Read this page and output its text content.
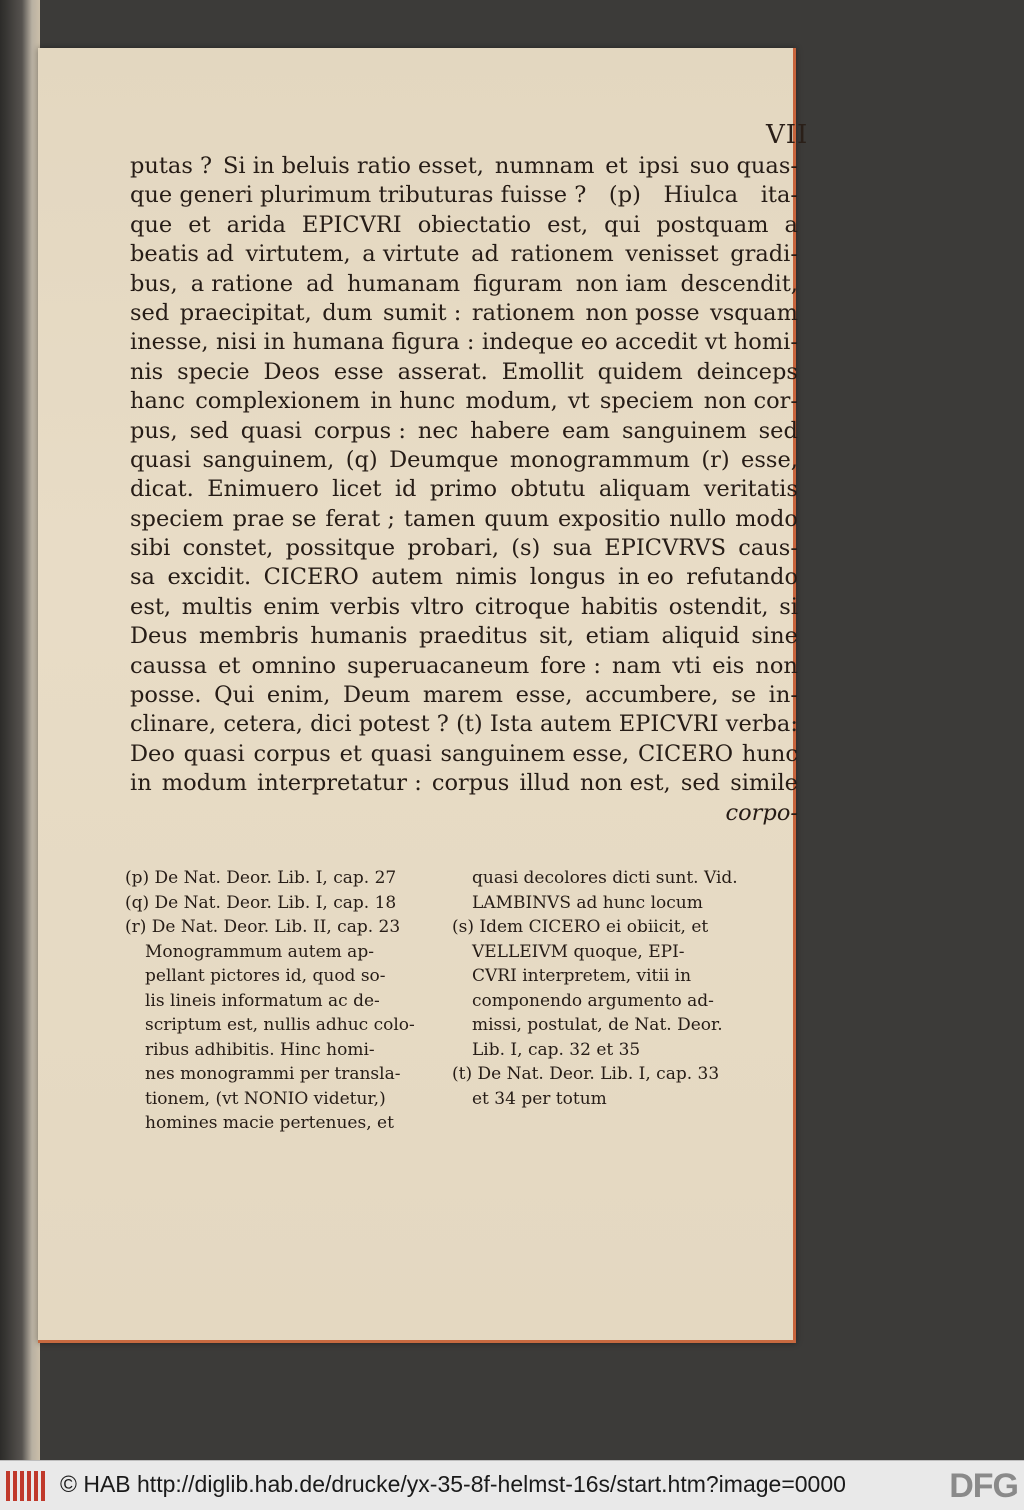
VII
putas ? Si in beluis ratio esset, numnam et ipsi suo quas-
que generi plurimum tributuras fuisse ? (p) Hiulca ita-
que et arida EPICVRI obiectatio est, qui postquam a
beatis ad virtutem, a virtute ad rationem venisset gradi-
bus, a ratione ad humanam figuram non iam descendit,
sed praecipitat, dum sumit : rationem non posse vsquam
inesse, nisi in humana figura : indeque eo accedit vt homi-
nis specie Deos esse asserat. Emollit quidem deinceps
hanc complexionem in hunc modum, vt speciem non cor-
pus, sed quasi corpus : nec habere eam sanguinem sed
quasi sanguinem, (q) Deumque monogrammum (r) esse,
dicat. Enimuero licet id primo obtutu aliquam veritatis
speciem prae se ferat ; tamen quum expositio nullo modo
sibi constet, possitque probari, (s) sua EPICVRVS caus-
sa excidit. CICERO autem nimis longus in eo refutando
est, multis enim verbis vltro citroque habitis ostendit, si
Deus membris humanis praeditus sit, etiam aliquid sine
caussa et omnino superuacaneum fore : nam vti eis non
posse. Qui enim, Deum marem esse, accumbere, se in-
clinare, cetera, dici potest ? (t) Ista autem EPICVRI verba:
Deo quasi corpus et quasi sanguinem esse, CICERO hunc
in modum interpretatur : corpus illud non est, sed simile
corpo-
(p) De Nat. Deor. Lib. I, cap. 27
(q) De Nat. Deor. Lib. I, cap. 18
(r) De Nat. Deor. Lib. II, cap. 23
Monogrammum autem ap-
pellant pictores id, quod so-
lis lineis informatum ac de-
scriptum est, nullis adhuc colo-
ribus adhibitis. Hinc homi-
nes monogrammi per transla-
tionem, (vt NONIO videtur,)
homines macie pertenues, et
quasi decolores dicti sunt. Vid.
LAMBINVS ad hunc locum
(s) Idem CICERO ei obiicit, et
VELLEIVM quoque, EPI-
CVRI interpretem, vitii in
componendo argumento ad-
missi, postulat, de Nat. Deor.
Lib. I, cap. 32 et 35
(t) De Nat. Deor. Lib. I, cap. 33
et 34 per totum
© HAB http://diglib.hab.de/drucke/yx-35-8f-helmst-16s/start.htm?image=0000	DFG
